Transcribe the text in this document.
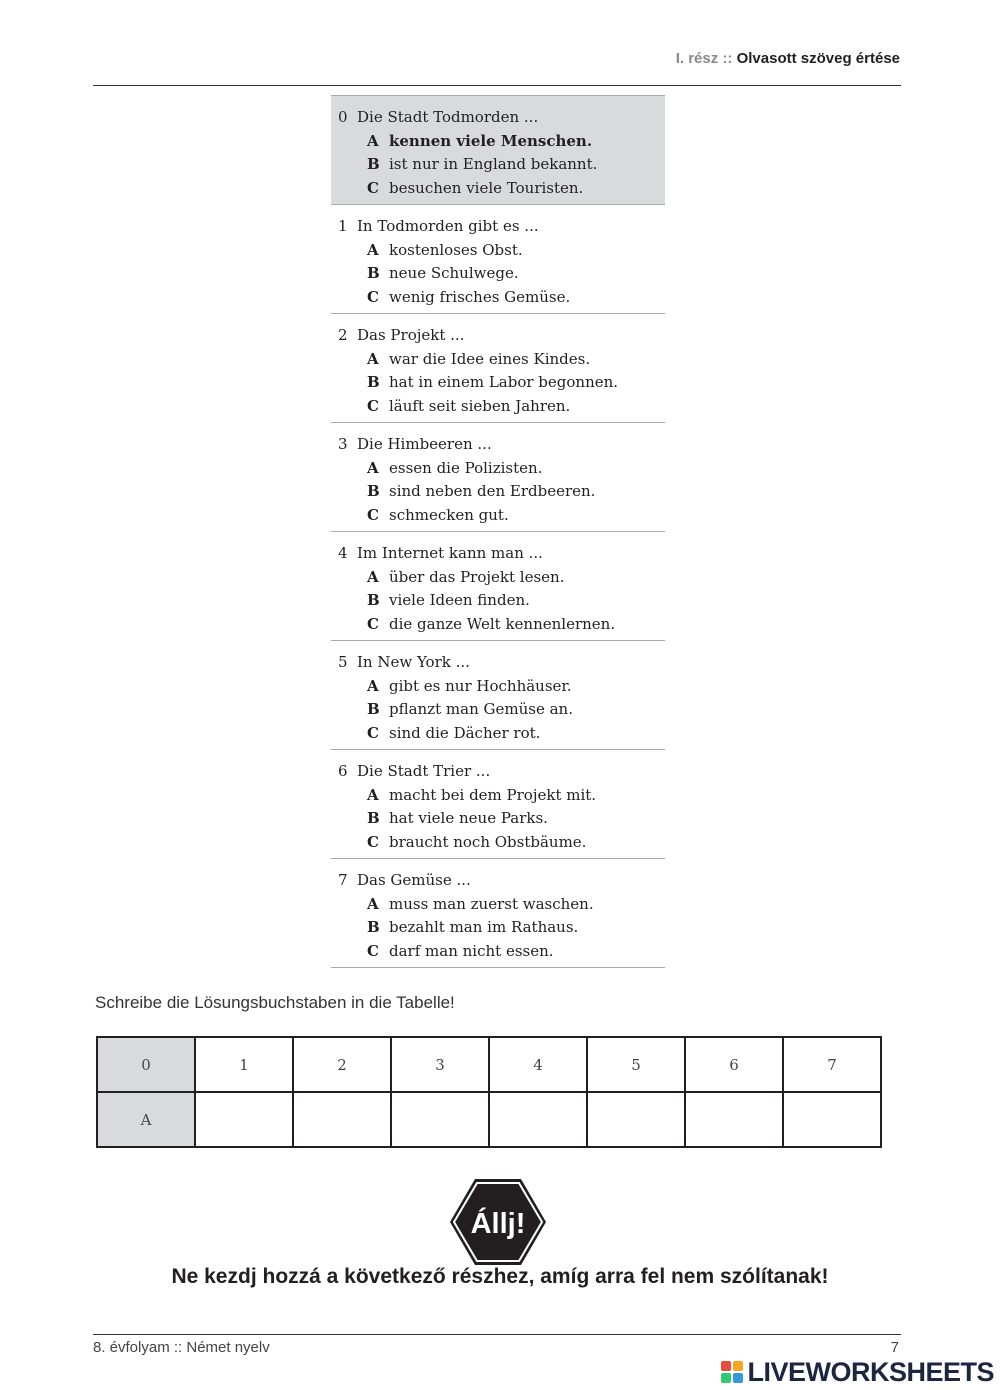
I. rész :: Olvasott szöveg értése
0 Die Stadt Todmorden ...
A kennen viele Menschen.
B ist nur in England bekannt.
C besuchen viele Touristen.
1 In Todmorden gibt es ...
A kostenloses Obst.
B neue Schulwege.
C wenig frisches Gemüse.
2 Das Projekt ...
A war die Idee eines Kindes.
B hat in einem Labor begonnen.
C läuft seit sieben Jahren.
3 Die Himbeeren ...
A essen die Polizisten.
B sind neben den Erdbeeren.
C schmecken gut.
4 Im Internet kann man ...
A über das Projekt lesen.
B viele Ideen finden.
C die ganze Welt kennenlernen.
5 In New York ...
A gibt es nur Hochhäuser.
B pflanzt man Gemüse an.
C sind die Dächer rot.
6 Die Stadt Trier ...
A macht bei dem Projekt mit.
B hat viele neue Parks.
C braucht noch Obstbäume.
7 Das Gemüse ...
A muss man zuerst waschen.
B bezahlt man im Rathaus.
C darf man nicht essen.
Schreibe die Lösungsbuchstaben in die Tabelle!
0	1	2	3	4	5	6	7
A							
Állj!
Ne kezdj hozzá a következő részhez, amíg arra fel nem szólítanak!
8. évfolyam :: Német nyelv	7
LIVEWORKSHEETS
